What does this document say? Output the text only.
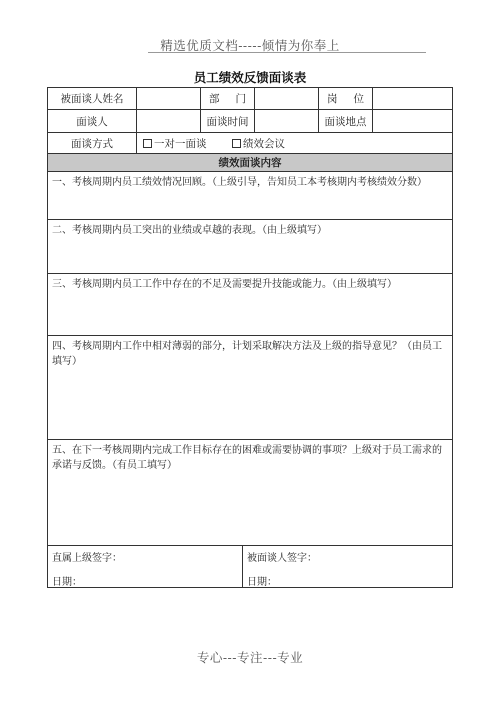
精选优质文档-----倾情为你奉上
员工绩效反馈面谈表
被面谈人姓名	部门	岗位
面谈人	面谈时间	面谈地点
面谈方式	一对一面谈	绩效会议
绩效面谈内容
一、考核周期内员工绩效情况回顾。（上级引导，告知员工本考核期内考核绩效分数）
二、考核周期内员工突出的业绩或卓越的表现。（由上级填写）
三、考核周期内员工工作中存在的不足及需要提升技能或能力。（由上级填写）
四、考核周期内工作中相对薄弱的部分，计划采取解决方法及上级的指导意见？（由员工填写）
五、在下一考核周期内完成工作目标存在的困难或需要协调的事项？上级对于员工需求的承诺与反馈。（有员工填写）
直属上级签字：
日期：
被面谈人签字：
日期：
专心---专注---专业
